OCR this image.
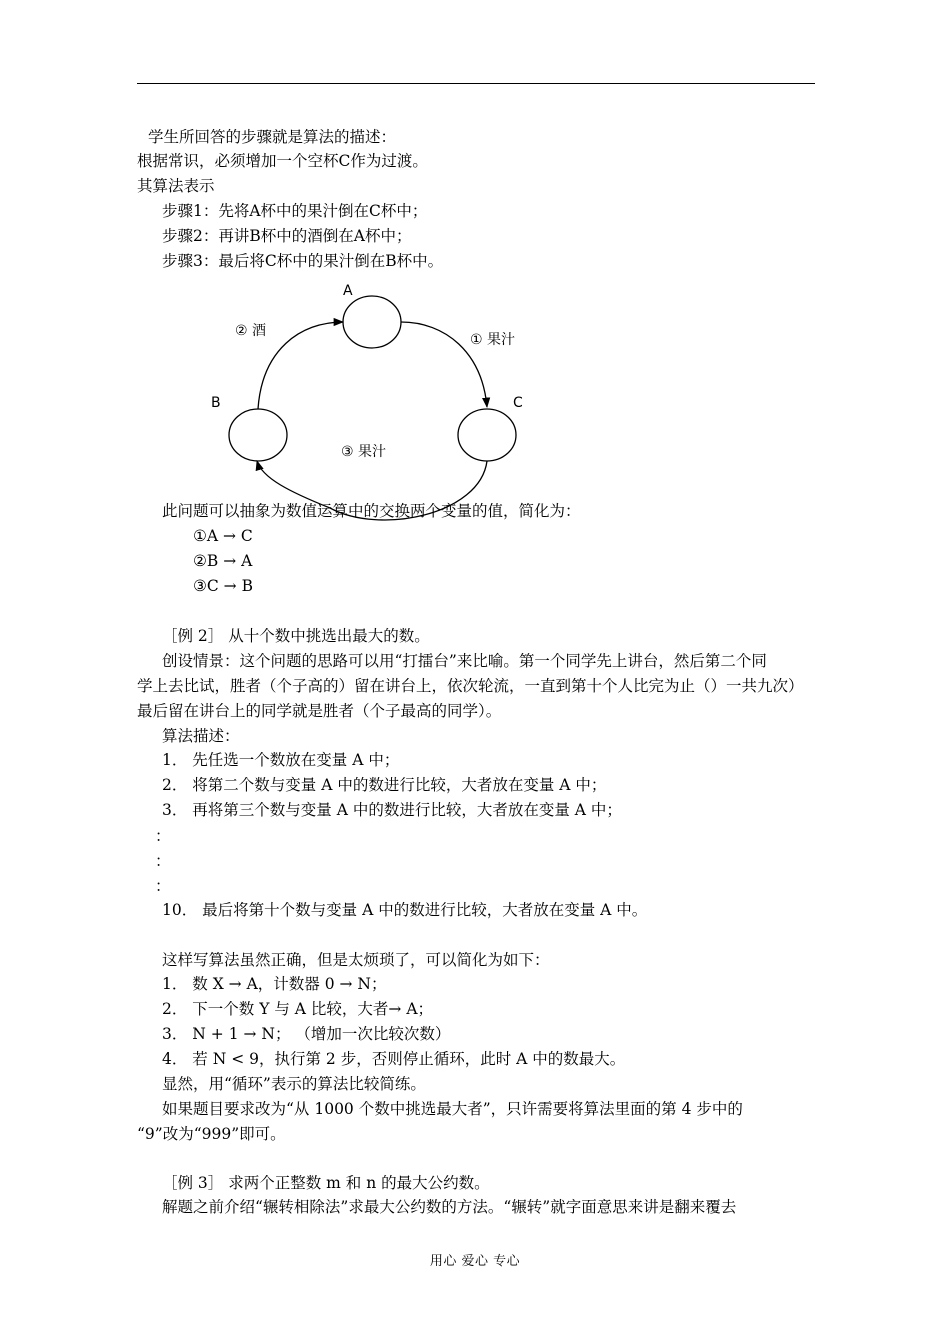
学生所回答的步骤就是算法的描述：
根据常识，必须增加一个空杯C作为过渡。
其算法表示
步骤1：先将A杯中的果汁倒在C杯中；
步骤2：再讲B杯中的酒倒在A杯中；
步骤3：最后将C杯中的果汁倒在B杯中。
A
B	C
① 果汁
② 酒
③ 果汁
此问题可以抽象为数值运算中的交换两个变量的值，简化为：
①A → C
②B → A
③C → B
［例 2］ 从十个数中挑选出最大的数。
创设情景：这个问题的思路可以用“打擂台”来比喻。第一个同学先上讲台，然后第二个同
学上去比试，胜者（个子高的）留在讲台上，依次轮流，一直到第十个人比完为止（）一共九次）
最后留在讲台上的同学就是胜者（个子最高的同学）。
算法描述：
1． 先任选一个数放在变量 A 中；
2． 将第二个数与变量 A 中的数进行比较，大者放在变量 A 中；
3． 再将第三个数与变量 A 中的数进行比较，大者放在变量 A 中；
：
：
：
10． 最后将第十个数与变量 A 中的数进行比较，大者放在变量 A 中。
这样写算法虽然正确，但是太烦琐了，可以简化为如下：
1． 数 X → A，计数器 0 → N；
2． 下一个数 Y 与 A 比较，大者→ A；
3． N + 1 → N； （增加一次比较次数）
4． 若 N < 9，执行第 2 步，否则停止循环，此时 A 中的数最大。
显然，用“循环”表示的算法比较简练。
如果题目要求改为“从 1000 个数中挑选最大者”，只许需要将算法里面的第 4 步中的
“9”改为“999”即可。
［例 3］ 求两个正整数 m 和 n 的最大公约数。
解题之前介绍“辗转相除法”求最大公约数的方法。“辗转”就字面意思来讲是翻来覆去
用心 爱心 专心
